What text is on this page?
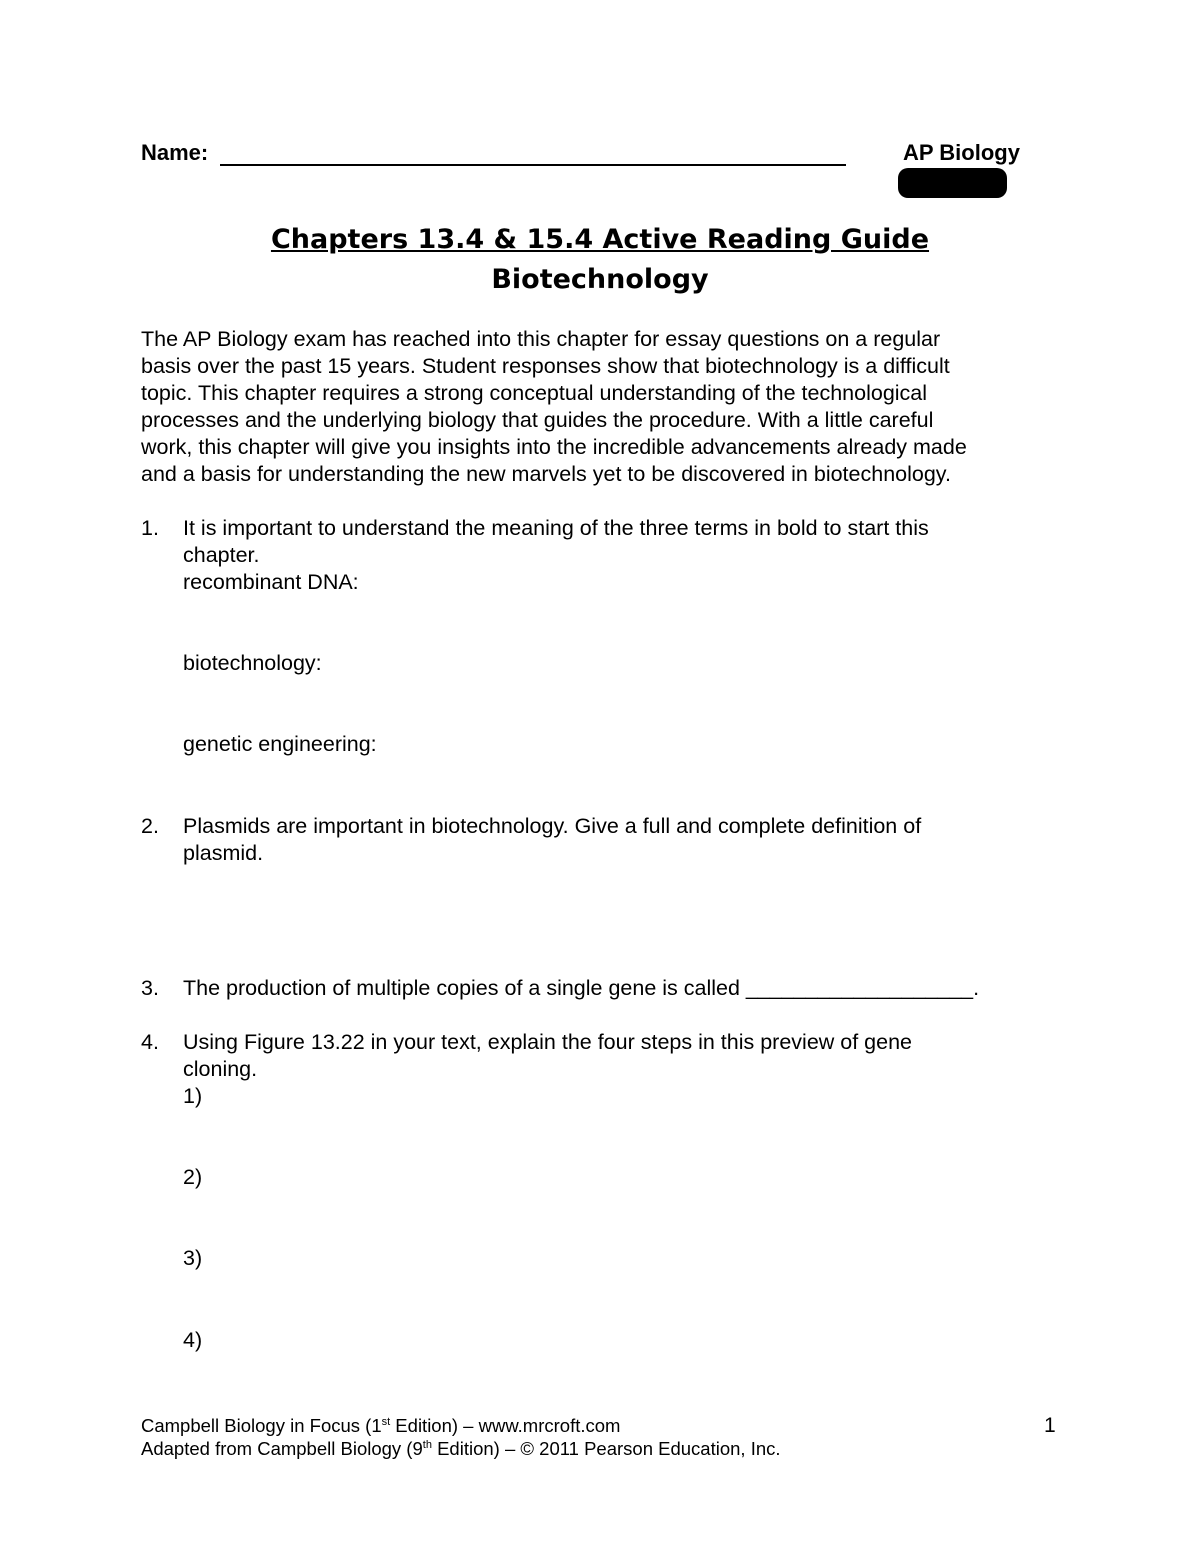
Name:	AP Biology
Chapters 13.4 & 15.4 Active Reading Guide
Biotechnology
The AP Biology exam has reached into this chapter for essay questions on a regular
basis over the past 15 years. Student responses show that biotechnology is a difficult
topic. This chapter requires a strong conceptual understanding of the technological
processes and the underlying biology that guides the procedure. With a little careful
work, this chapter will give you insights into the incredible advancements already made
and a basis for understanding the new marvels yet to be discovered in biotechnology.
1. It is important to understand the meaning of the three terms in bold to start this
chapter.
recombinant DNA:
biotechnology:
genetic engineering:
2. Plasmids are important in biotechnology. Give a full and complete definition of
plasmid.
3. The production of multiple copies of a single gene is called ___________________.
4. Using Figure 13.22 in your text, explain the four steps in this preview of gene
cloning.
1)
2)
3)
4)
Campbell Biology in Focus (1st Edition) – www.mrcroft.com
Adapted from Campbell Biology (9th Edition) – © 2011 Pearson Education, Inc.
1
